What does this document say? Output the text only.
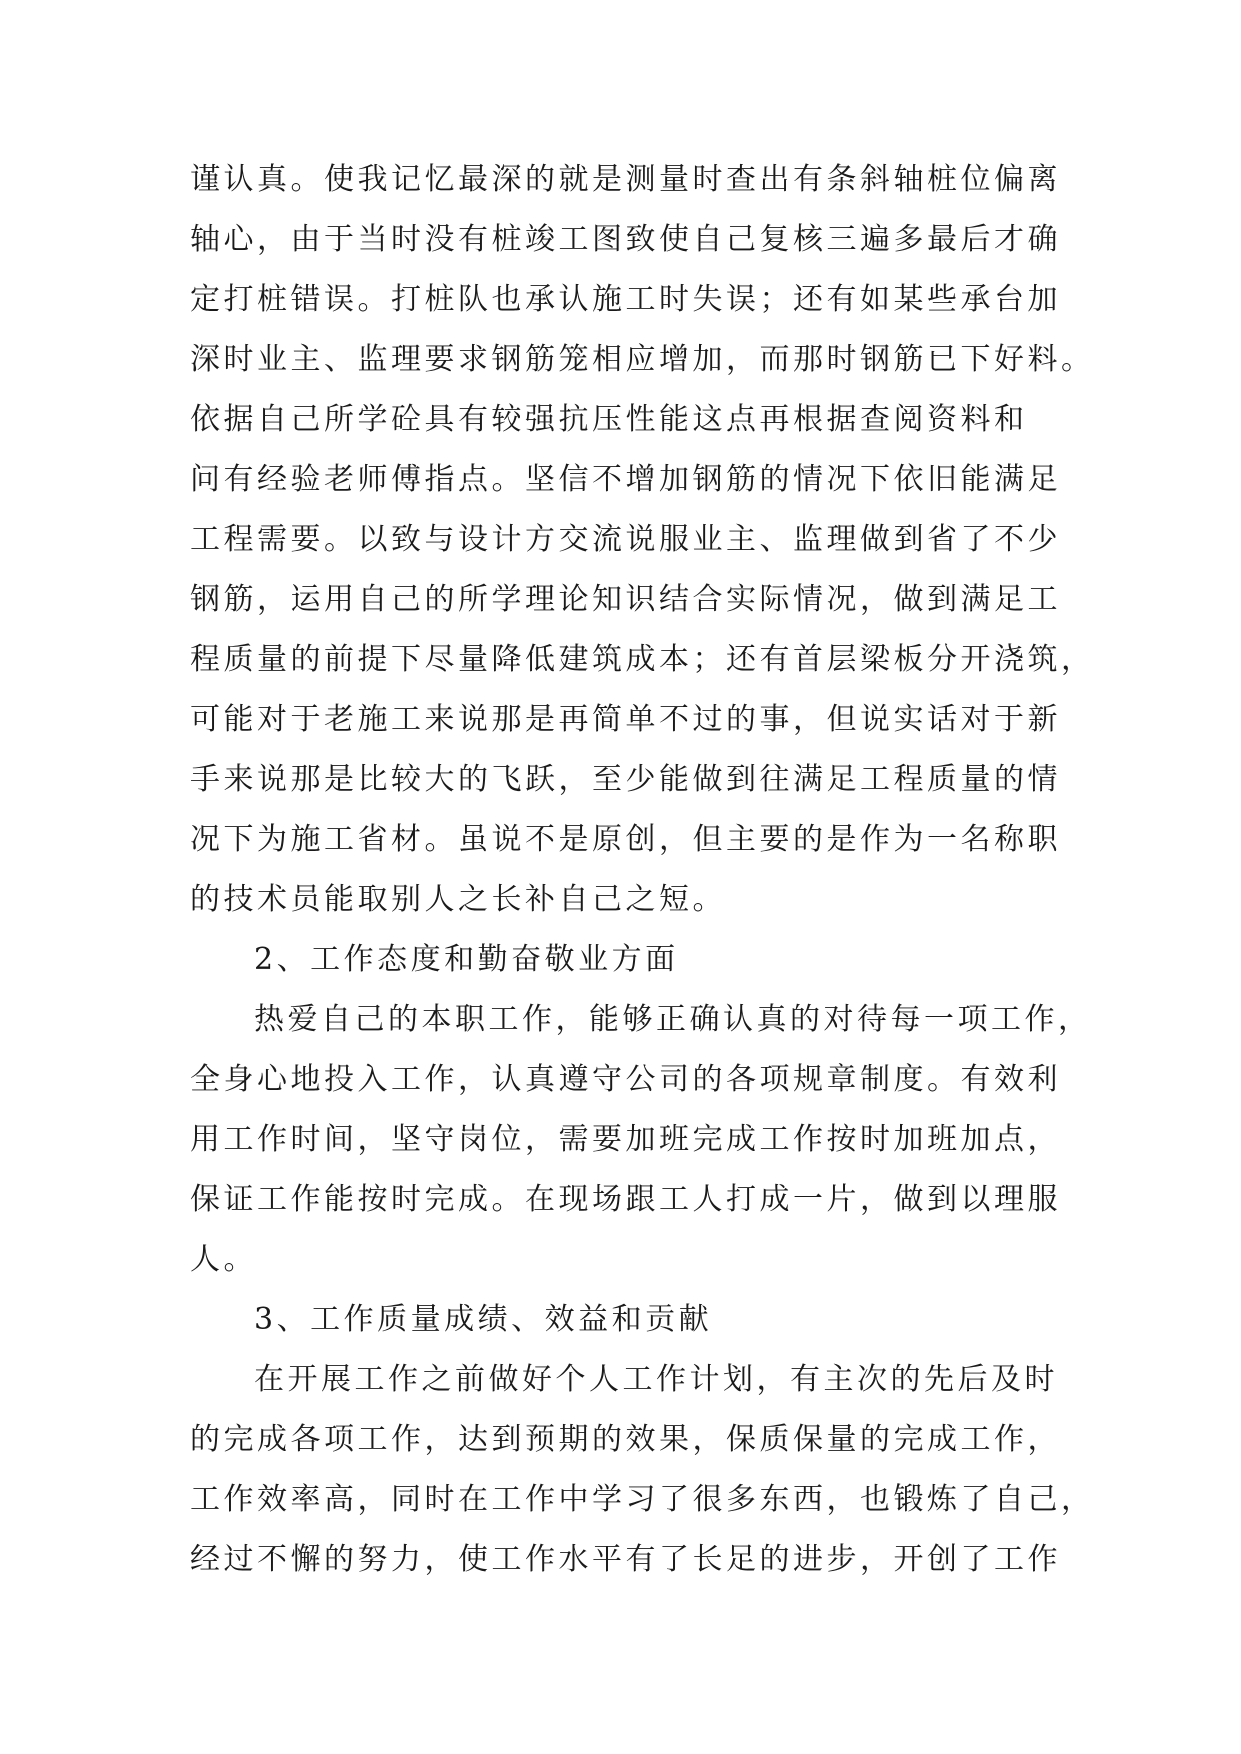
谨认真。使我记忆最深的就是测量时查出有条斜轴桩位偏离
轴心，由于当时没有桩竣工图致使自己复核三遍多最后才确
定打桩错误。打桩队也承认施工时失误；还有如某些承台加
深时业主、监理要求钢筋笼相应增加，而那时钢筋已下好料。
依据自己所学砼具有较强抗压性能这点再根据查阅资料和
问有经验老师傅指点。坚信不增加钢筋的情况下依旧能满足
工程需要。以致与设计方交流说服业主、监理做到省了不少
钢筋，运用自己的所学理论知识结合实际情况，做到满足工
程质量的前提下尽量降低建筑成本；还有首层梁板分开浇筑，
可能对于老施工来说那是再简单不过的事，但说实话对于新
手来说那是比较大的飞跃，至少能做到往满足工程质量的情
况下为施工省材。虽说不是原创，但主要的是作为一名称职
的技术员能取别人之长补自己之短。
2、工作态度和勤奋敬业方面
热爱自己的本职工作，能够正确认真的对待每一项工作，
全身心地投入工作，认真遵守公司的各项规章制度。有效利
用工作时间，坚守岗位，需要加班完成工作按时加班加点，
保证工作能按时完成。在现场跟工人打成一片，做到以理服
人。
3、工作质量成绩、效益和贡献
在开展工作之前做好个人工作计划，有主次的先后及时
的完成各项工作，达到预期的效果，保质保量的完成工作，
工作效率高，同时在工作中学习了很多东西，也锻炼了自己，
经过不懈的努力，使工作水平有了长足的进步，开创了工作
